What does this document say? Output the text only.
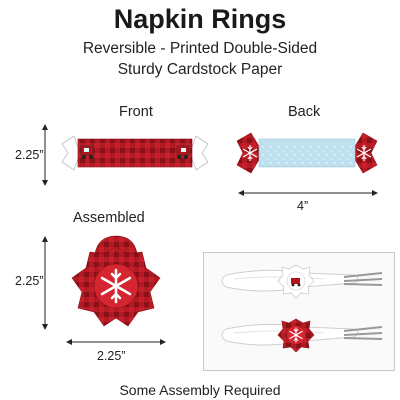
Napkin Rings
Reversible - Printed Double-Sided
Sturdy Cardstock Paper
Front	Back
Assembled
2.25”
4”
2.25”
2.25”
Some Assembly Required
